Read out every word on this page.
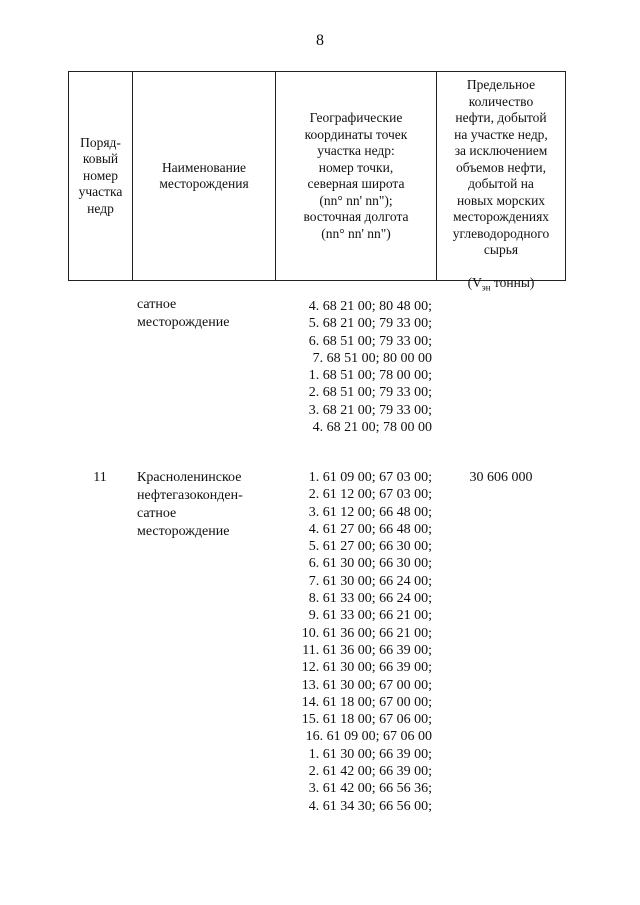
8
Поряд-
ковый
номер
участка
недр
Наименование
месторождения
Географические
координаты точек
участка недр:
номер точки,
северная широта
(nn° nn' nn");
восточная долгота
(nn° nn' nn")

Предельное
количество
нефти, добытой
на участке недр,
за исключением
объемов нефти,
добытой на
новых морских
месторождениях
углеводородного
сырья

($V_{эн}$ тонны)

сатное
месторождение
4. 68 21 00; 80 48 00;
5. 68 21 00; 79 33 00;
6. 68 51 00; 79 33 00;
7. 68 51 00; 80 00 00
1. 68 51 00; 78 00 00;
2. 68 51 00; 79 33 00;
3. 68 21 00; 79 33 00;
4. 68 21 00; 78 00 00
11	Красноленинское
нефтегазоконден-
сатное
месторождение
1. 61 09 00; 67 03 00;
2. 61 12 00; 67 03 00;
3. 61 12 00; 66 48 00;
4. 61 27 00; 66 48 00;
5. 61 27 00; 66 30 00;
6. 61 30 00; 66 30 00;
7. 61 30 00; 66 24 00;
8. 61 33 00; 66 24 00;
9. 61 33 00; 66 21 00;
10. 61 36 00; 66 21 00;
11. 61 36 00; 66 39 00;
12. 61 30 00; 66 39 00;
13. 61 30 00; 67 00 00;
14. 61 18 00; 67 00 00;
15. 61 18 00; 67 06 00;
16. 61 09 00; 67 06 00
1. 61 30 00; 66 39 00;
2. 61 42 00; 66 39 00;
3. 61 42 00; 66 56 36;
4. 61 34 30; 66 56 00;
30 606 000
